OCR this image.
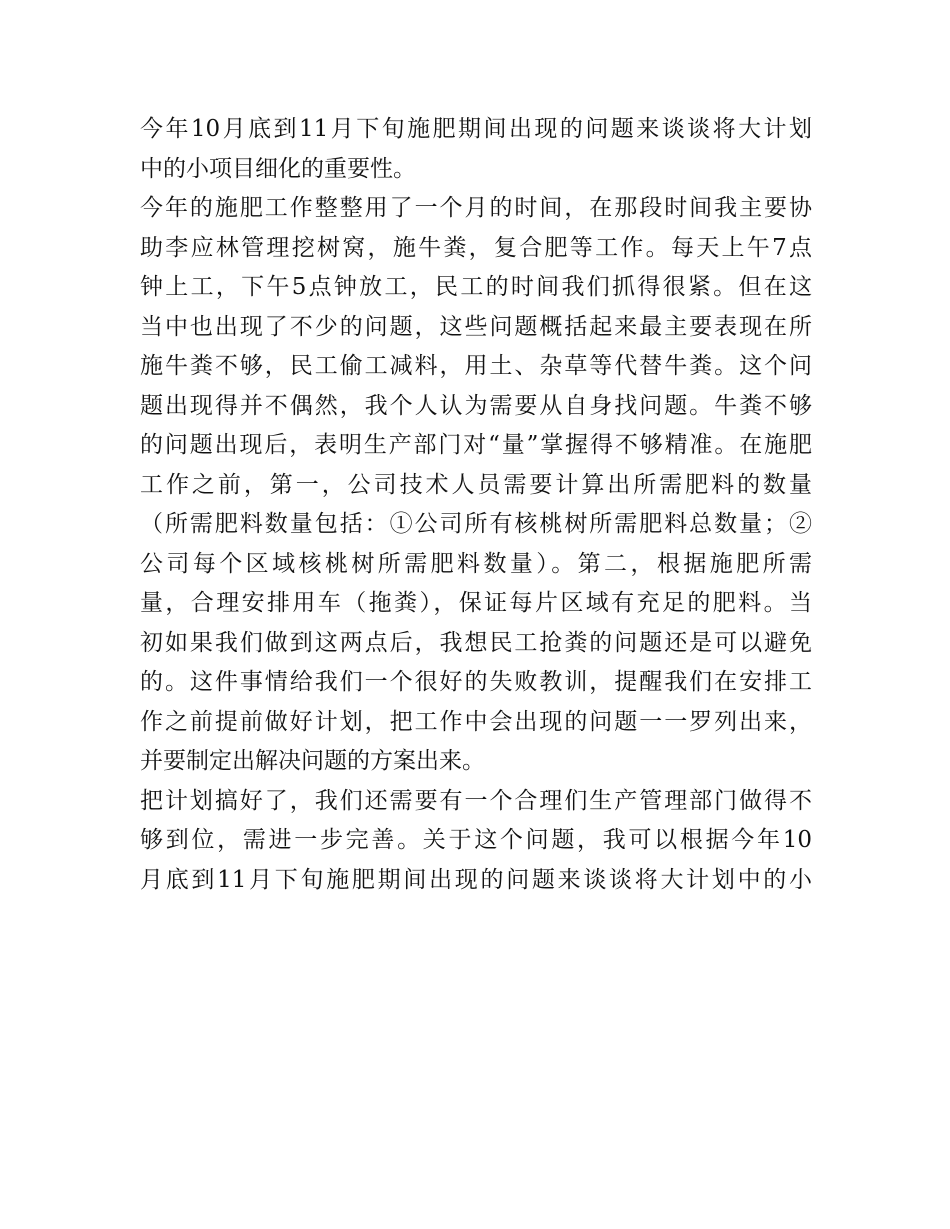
今年10月底到11月下旬施肥期间出现的问题来谈谈将大计划
中的小项目细化的重要性。
今年的施肥工作整整用了一个月的时间，在那段时间我主要协
助李应林管理挖树窝，施牛粪，复合肥等工作。每天上午7点
钟上工，下午5点钟放工，民工的时间我们抓得很紧。但在这
当中也出现了不少的问题，这些问题概括起来最主要表现在所
施牛粪不够，民工偷工减料，用土、杂草等代替牛粪。这个问
题出现得并不偶然，我个人认为需要从自身找问题。牛粪不够
的问题出现后，表明生产部门对“量”掌握得不够精准。在施肥
工作之前，第一，公司技术人员需要计算出所需肥料的数量
（所需肥料数量包括：①公司所有核桃树所需肥料总数量；②
公司每个区域核桃树所需肥料数量）。第二，根据施肥所需
量，合理安排用车（拖粪），保证每片区域有充足的肥料。当
初如果我们做到这两点后，我想民工抢粪的问题还是可以避免
的。这件事情给我们一个很好的失败教训，提醒我们在安排工
作之前提前做好计划，把工作中会出现的问题一一罗列出来，
并要制定出解决问题的方案出来。
把计划搞好了，我们还需要有一个合理们生产管理部门做得不
够到位，需进一步完善。关于这个问题，我可以根据今年10
月底到11月下旬施肥期间出现的问题来谈谈将大计划中的小
